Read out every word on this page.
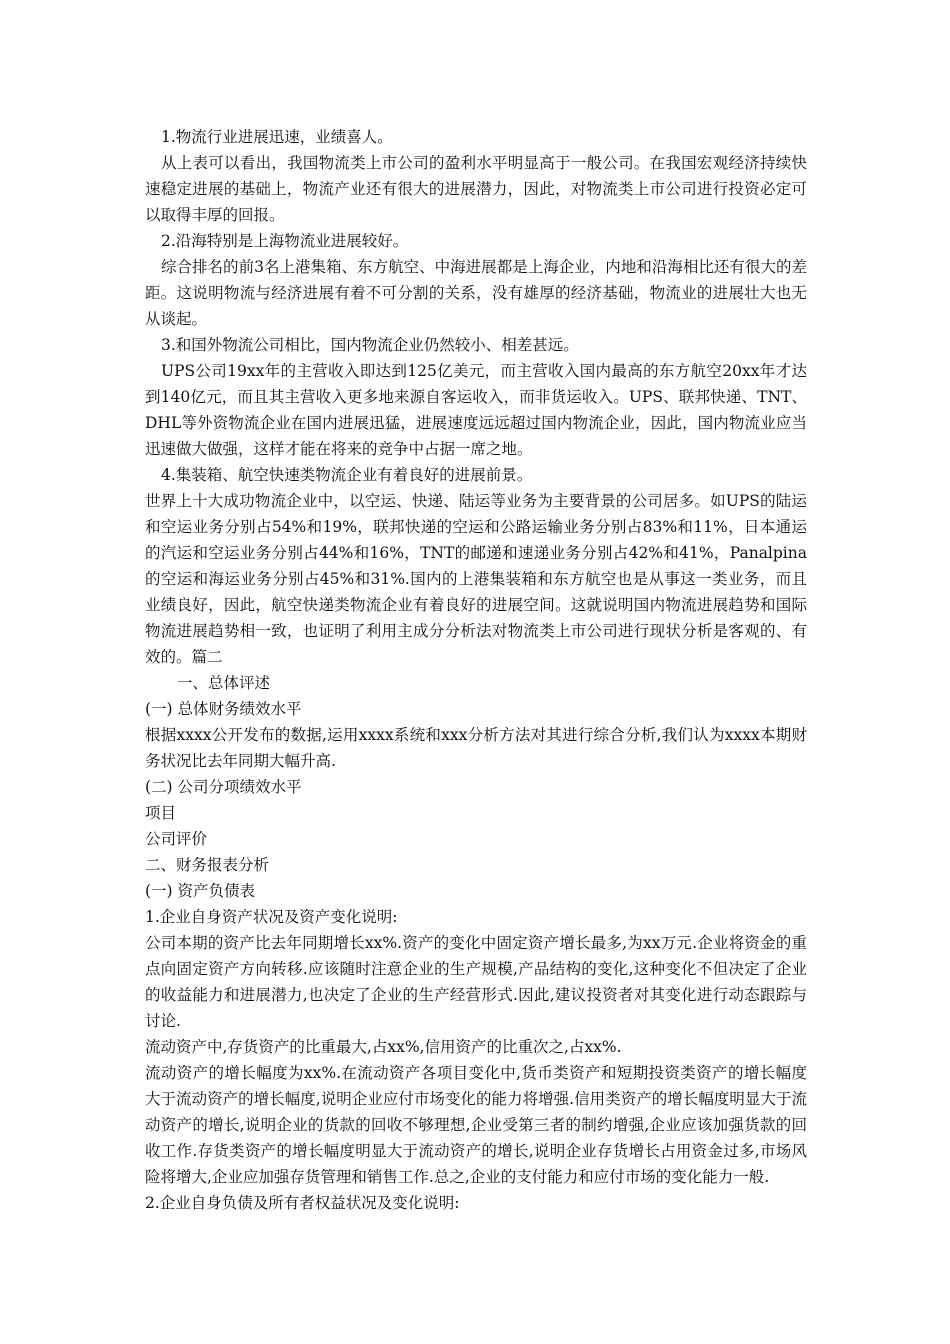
1.物流行业进展迅速，业绩喜人。

从上表可以看出，我国物流类上市公司的盈利水平明显高于一般公司。在我国宏观经济持续快速稳定进展的基础上，物流产业还有很大的进展潜力，因此，对物流类上市公司进行投资必定可以取得丰厚的回报。

2.沿海特别是上海物流业进展较好。

综合排名的前3名上港集箱、东方航空、中海进展都是上海企业，内地和沿海相比还有很大的差距。这说明物流与经济进展有着不可分割的关系，没有雄厚的经济基础，物流业的进展壮大也无从谈起。

3.和国外物流公司相比，国内物流企业仍然较小、相差甚远。

UPS公司19xx年的主营收入即达到125亿美元，而主营收入国内最高的东方航空20xx年才达到140亿元，而且其主营收入更多地来源自客运收入，而非货运收入。UPS、联邦快递、TNT、DHL等外资物流企业在国内进展迅猛，进展速度远远超过国内物流企业，因此，国内物流业应当迅速做大做强，这样才能在将来的竞争中占据一席之地。

4.集装箱、航空快速类物流企业有着良好的进展前景。

世界上十大成功物流企业中，以空运、快递、陆运等业务为主要背景的公司居多。如UPS的陆运和空运业务分别占54%和19%，联邦快递的空运和公路运输业务分别占83%和11%，日本通运的汽运和空运业务分别占44%和16%，TNT的邮递和速递业务分别占42%和41%，Panalpina的空运和海运业务分别占45%和31%.国内的上港集装箱和东方航空也是从事这一类业务，而且业绩良好，因此，航空快递类物流企业有着良好的进展空间。这就说明国内物流进展趋势和国际物流进展趋势相一致，也证明了利用主成分分析法对物流类上市公司进行现状分析是客观的、有效的。篇二

一、总体评述

(一) 总体财务绩效水平

根据xxxx公开发布的数据,运用xxxx系统和xxx分析方法对其进行综合分析,我们认为xxxx本期财务状况比去年同期大幅升高.

(二) 公司分项绩效水平

项目

公司评价

二、财务报表分析

(一) 资产负债表

1.企业自身资产状况及资产变化说明:

公司本期的资产比去年同期增长xx%.资产的变化中固定资产增长最多,为xx万元.企业将资金的重点向固定资产方向转移.应该随时注意企业的生产规模,产品结构的变化,这种变化不但决定了企业的收益能力和进展潜力,也决定了企业的生产经营形式.因此,建议投资者对其变化进行动态跟踪与讨论.

流动资产中,存货资产的比重最大,占xx%,信用资产的比重次之,占xx%.

流动资产的增长幅度为xx%.在流动资产各项目变化中,货币类资产和短期投资类资产的增长幅度大于流动资产的增长幅度,说明企业应付市场变化的能力将增强.信用类资产的增长幅度明显大于流动资产的增长,说明企业的货款的回收不够理想,企业受第三者的制约增强,企业应该加强货款的回收工作.存货类资产的增长幅度明显大于流动资产的增长,说明企业存货增长占用资金过多,市场风险将增大,企业应加强存货管理和销售工作.总之,企业的支付能力和应付市场的变化能力一般.

2.企业自身负债及所有者权益状况及变化说明:
